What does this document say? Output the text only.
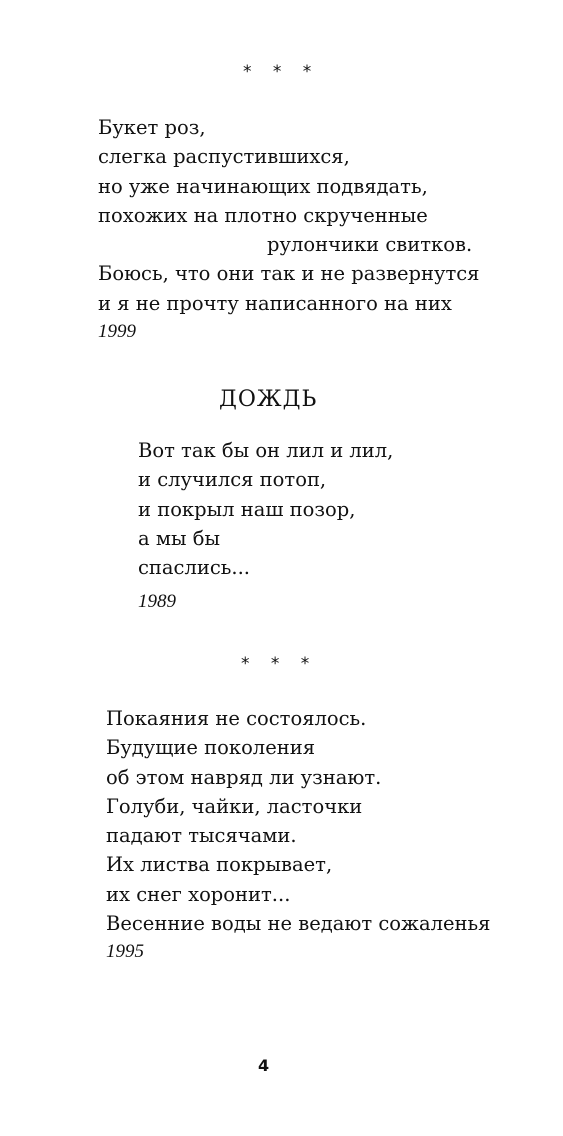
* * *
Букет роз,
слегка распустившихся,
но уже начинающих подвядать,
похожих на плотно скрученные
рулончики свитков.
Боюсь, что они так и не развернутся
и я не прочту написанного на них
1999
ДОЖДЬ
Вот так бы он лил и лил,
и случился потоп,
и покрыл наш позор,
а мы бы
спаслись...
1989
* * *
Покаяния не состоялось.
Будущие поколения
об этом навряд ли узнают.
Голуби, чайки, ласточки
падают тысячами.
Их листва покрывает,
их снег хоронит...
Весенние воды не ведают сожаленья
1995
4
